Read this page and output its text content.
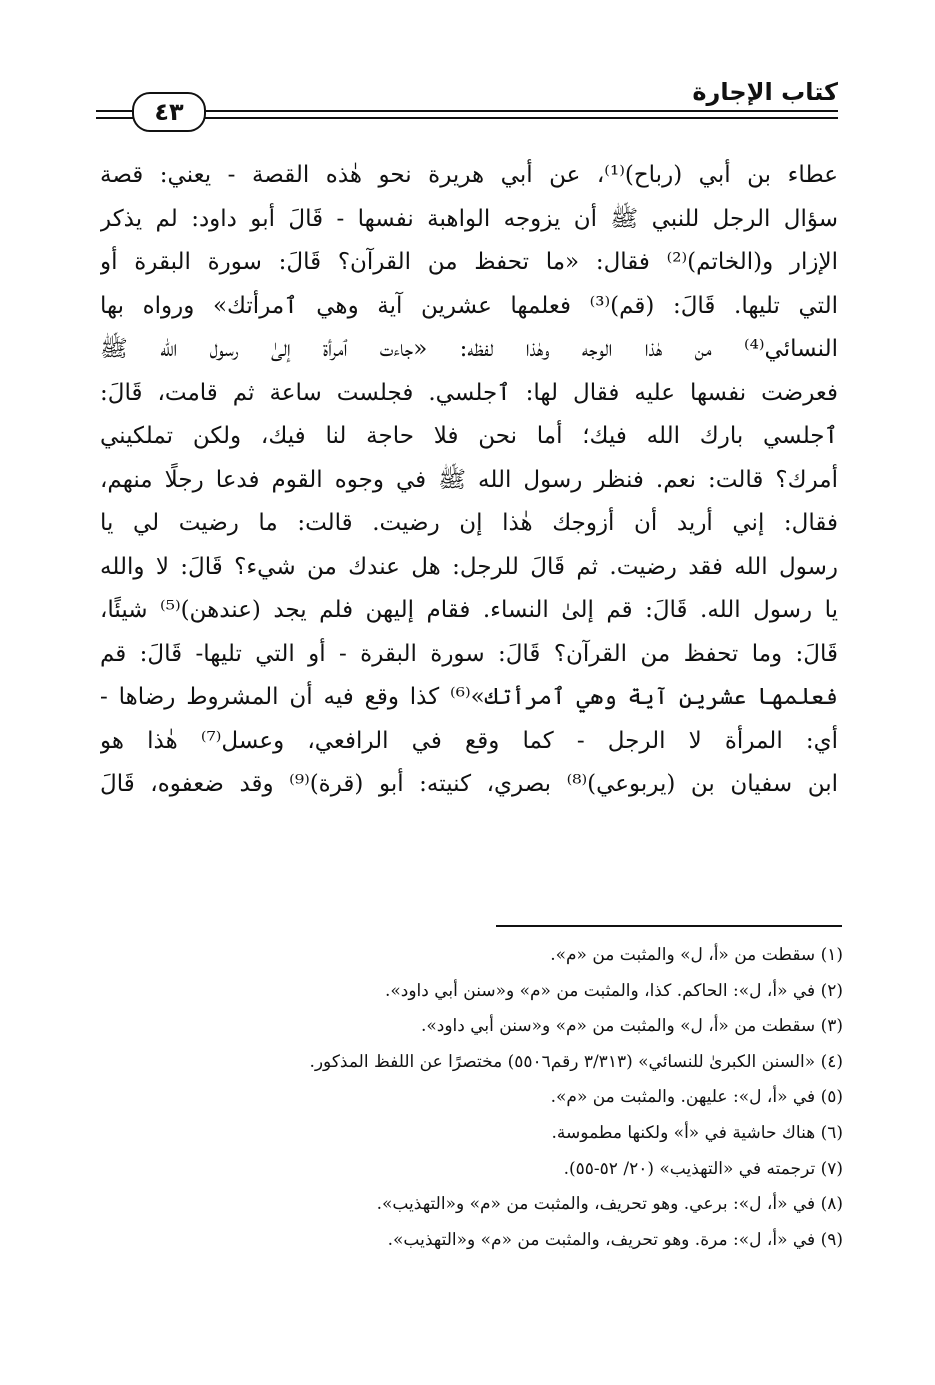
كتاب الإجارة
٤٣
عطاء بن أبي (رباح)⁽¹⁾، عن أبي هريرة نحو هٰذه القصة - يعني: قصة
سؤال الرجل للنبي ﷺ أن يزوجه الواهبة نفسها - قَالَ أبو داود: لم يذكر
الإزار و(الخاتم)⁽²⁾ فقال: «ما تحفظ من القرآن؟ قَالَ: سورة البقرة أو
التي تليها. قَالَ: (قم)⁽³⁾ فعلمها عشرين آية وهي ٱمرأتك» ورواه بها
النسائي⁽⁴⁾ من هٰذا الوجه وهٰذا لفظه: «جاءت ٱمرأة إلىٰ رسول الله ﷺ
فعرضت نفسها عليه فقال لها: ٱجلسي. فجلست ساعة ثم قامت، قَالَ:
ٱجلسي بارك الله فيك؛ أما نحن فلا حاجة لنا فيك، ولكن تملكيني
أمرك؟ قالت: نعم. فنظر رسول الله ﷺ في وجوه القوم فدعا رجلًا منهم،
فقال: إني أريد أن أزوجك هٰذا إن رضيت. قالت: ما رضيت لي يا
رسول الله فقد رضيت. ثم قَالَ للرجل: هل عندك من شيء؟ قَالَ: لا والله
يا رسول الله. قَالَ: قم إلىٰ النساء. فقام إليهن فلم يجد (عندهن)⁽⁵⁾ شيئًا،
قَالَ: وما تحفظ من القرآن؟ قَالَ: سورة البقرة - أو التي تليها- قَالَ: قم
فعلمها عشرين آية وهي ٱمرأتك»⁽⁶⁾ كذا وقع فيه أن المشروط رضاها -
أي: المرأة لا الرجل - كما وقع في الرافعي، وعسل⁽⁷⁾ هٰذا هو
ابن سفيان بن (يربوعي)⁽⁸⁾ بصري، كنيته: أبو (قرة)⁽⁹⁾ وقد ضعفوه، قَالَ
(١) سقطت من «أ، ل» والمثبت من «م».
(٢) في «أ، ل»: الحاكم. كذا، والمثبت من «م» و«سنن أبي داود».
(٣) سقطت من «أ، ل» والمثبت من «م» و«سنن أبي داود».
(٤) «السنن الكبرىٰ للنسائي» (٣/٣١٣ رقم٥٥٠٦) مختصرًا عن اللفظ المذكور.
(٥) في «أ، ل»: عليهن. والمثبت من «م».
(٦) هناك حاشية في «أ» ولكنها مطموسة.
(٧) ترجمته في «التهذيب» (٢٠/ ٥٢-٥٥).
(٨) في «أ، ل»: برعي. وهو تحريف، والمثبت من «م» و«التهذيب».
(٩) في «أ، ل»: مرة. وهو تحريف، والمثبت من «م» و«التهذيب».
